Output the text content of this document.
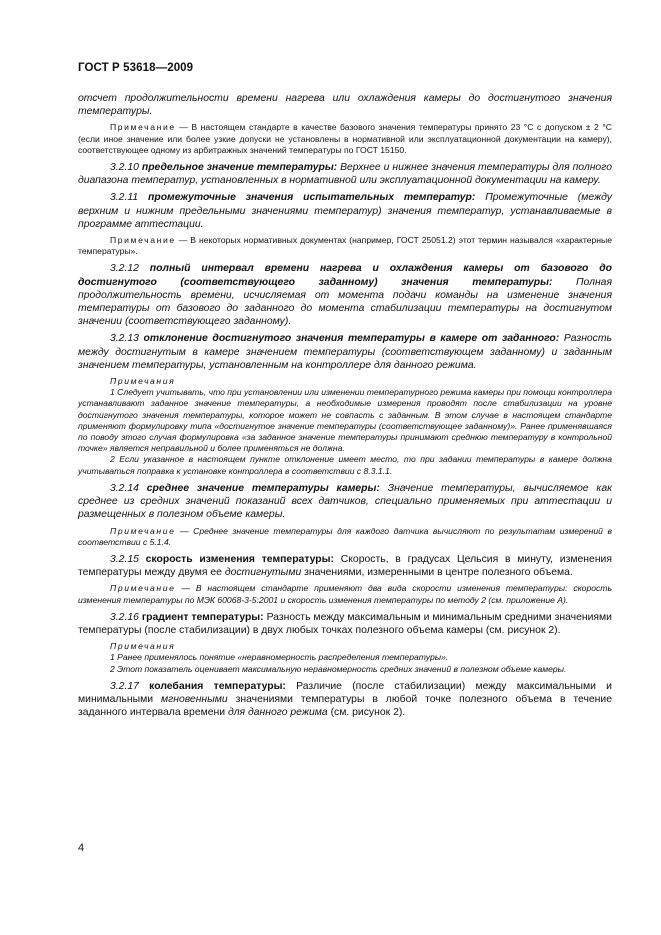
ГОСТ Р 53618—2009

отсчет продолжительности времени нагрева или охлаждения камеры до достигнутого значения температуры.

Примечание — В настоящем стандарте в качестве базового значения температуры принято 23 °С с допуском ± 2 °С (если иное значение или более узкие допуски не установлены в нормативной или эксплуатационной документации на камеру), соответствующее одному из арбитражных значений температуры по ГОСТ 15150.

3.2.10 предельное значение температуры: Верхнее и нижнее значения температуры для полного диапазона температур, установленных в нормативной или эксплуатационной документации на камеру.

3.2.11 промежуточные значения испытательных температур: Промежуточные (между верхним и нижним предельными значениями температур) значения температур, устанавливаемые в программе аттестации.

Примечание — В некоторых нормативных документах (например, ГОСТ 25051.2) этот термин назывался «характерные температуры».

3.2.12 полный интервал времени нагрева и охлаждения камеры от базового до достигнутого (соответствующего заданному) значения температуры: Полная продолжительность времени, исчисляемая от момента подачи команды на изменение значения температуры от базового до заданного до момента стабилизации температуры на достигнутом значении (соответствующего заданному).

3.2.13 отклонение достигнутого значения температуры в камере от заданного: Разность между достигнутым в камере значением температуры (соответствующем заданному) и заданным значением температуры, установленным на контроллере для данного режима.

Примечания

1 Следует учитывать, что при установлении или изменении температурного режима камеры при помощи контроллера устанавливают заданное значение температуры, а необходимые измерения проводят после стабилизации на уровне достигнутого значения температуры, которое может не совпасть с заданным. В этом случае в настоящем стандарте применяют формулировку типа «достигнутое значение температуры (соответствующее заданному)». Ранее применявшаяся по поводу этого случая формулировка «за заданное значение температуры принимают среднюю температуру в контрольной точке» является неправильной и более применяться не должна.

2 Если указанное в настоящем пункте отклонение имеет место, то при задании температуры в камере должна учитываться поправка к установке контроллера в соответствии с 8.3.1.1.

3.2.14 среднее значение температуры камеры: Значение температуры, вычисляемое как среднее из средних значений показаний всех датчиков, специально применяемых при аттестации и размещенных в полезном объеме камеры.

Примечание — Среднее значение температуры для каждого датчика вычисляют по результатам измерений в соответствии с 5.1.4.

3.2.15 скорость изменения температуры: Скорость, в градусах Цельсия в минуту, изменения температуры между двумя ее достигнутыми значениями, измеренными в центре полезного объема.

Примечание — В настоящем стандарте применяют два вида скорости изменения температуры: скорость изменения температуры по МЭК 60068-3-5:2001 и скорость изменения температуры по методу 2 (см. приложение А).

3.2.16 градиент температуры: Разность между максимальным и минимальным средними значениями температуры (после стабилизации) в двух любых точках полезного объема камеры (см. рисунок 2).

Примечания

1 Ранее применялось понятие «неравномерность распределения температуры».

2 Этот показатель оценивает максимальную неравномерность средних значений в полезном объеме камеры.

3.2.17 колебания температуры: Различие (после стабилизации) между максимальными и минимальными мгновенными значениями температуры в любой точке полезного объема в течение заданного интервала времени для данного режима (см. рисунок 2).

4
